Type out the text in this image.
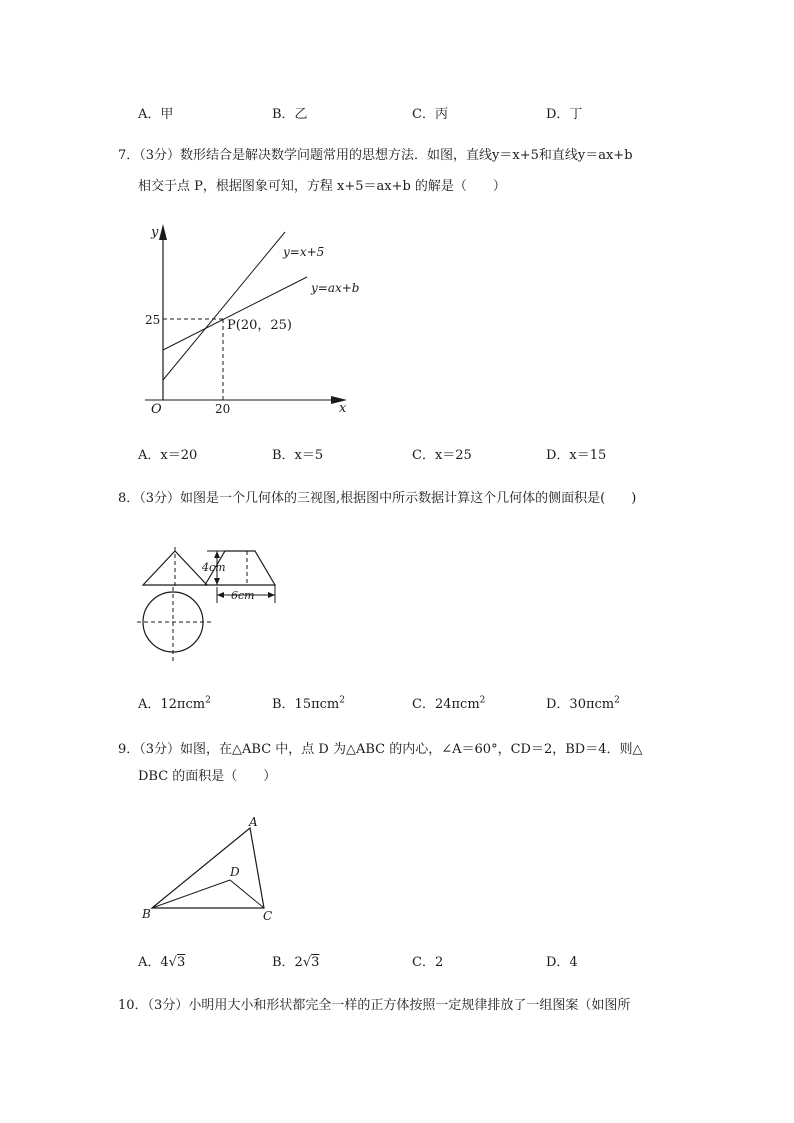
A．甲	B．乙	C．丙	D．丁
7．（3分）数形结合是解决数学问题常用的思想方法．如图，直线y＝x+5和直线y＝ax+b
相交于点 P，根据图象可知，方程 x+5＝ax+b 的解是（　　）
y
x
O
y=x+5
y=ax+b
P(20，25)
25
20
A．x＝20	B．x＝5	C．x＝25	D．x＝15
8．（3分）如图是一个几何体的三视图,根据图中所示数据计算这个几何体的侧面积是(　　)
4cm
6cm
A．12πcm$^2$	B．15πcm$^2$	C．24πcm$^2$	D．30πcm$^2$
9．（3分）如图，在△ABC 中，点 D 为△ABC 的内心，∠A＝60°，CD＝2，BD＝4．则△
DBC 的面积是（　　）
A
B	C
D
A．4√3	B．2√3	C．2	D．4
10．（3分）小明用大小和形状都完全一样的正方体按照一定规律排放了一组图案（如图所
